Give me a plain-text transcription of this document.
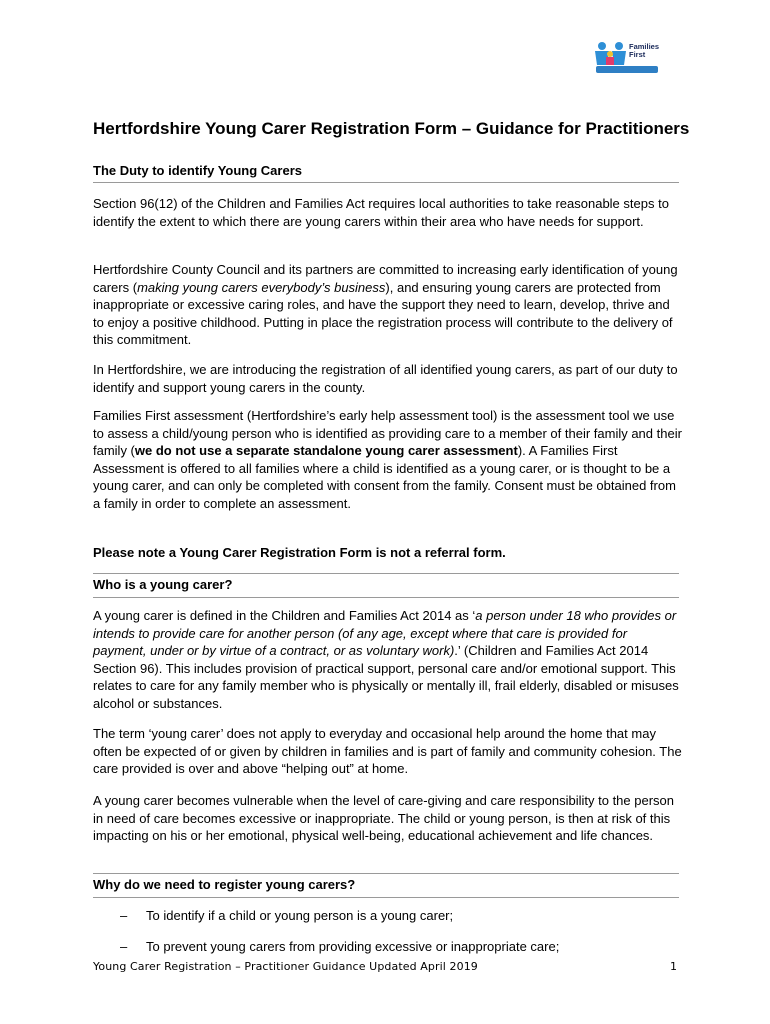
Families
First
Hertfordshire Young Carer Registration Form – Guidance for Practitioners
The Duty to identify Young Carers
Section 96(12) of the Children and Families Act requires local authorities to take reasonable steps to identify the extent to which there are young carers within their area who have needs for support.
Hertfordshire County Council and its partners are committed to increasing early identification of young carers (making young carers everybody’s business), and ensuring young carers are protected from inappropriate or excessive caring roles, and have the support they need to learn, develop, thrive and to enjoy a positive childhood. Putting in place the registration process will contribute to the delivery of this commitment.
In Hertfordshire, we are introducing the registration of all identified young carers, as part of our duty to identify and support young carers in the county.
Families First assessment (Hertfordshire’s early help assessment tool) is the assessment tool we use to assess a child/young person who is identified as providing care to a member of their family and their family (we do not use a separate standalone young carer assessment). A Families First Assessment is offered to all families where a child is identified as a young carer, or is thought to be a young carer, and can only be completed with consent from the family. Consent must be obtained from a family in order to complete an assessment.
Please note a Young Carer Registration Form is not a referral form.
Who is a young carer?
A young carer is defined in the Children and Families Act 2014 as ‘a person under 18 who provides or intends to provide care for another person (of any age, except where that care is provided for payment, under or by virtue of a contract, or as voluntary work).’ (Children and Families Act 2014 Section 96). This includes provision of practical support, personal care and/or emotional support. This relates to care for any family member who is physically or mentally ill, frail elderly, disabled or misuses alcohol or substances.
The term ‘young carer’ does not apply to everyday and occasional help around the home that may often be expected of or given by children in families and is part of family and community cohesion. The care provided is over and above “helping out” at home.
A young carer becomes vulnerable when the level of care-giving and care responsibility to the person in need of care becomes excessive or inappropriate. The child or young person, is then at risk of this impacting on his or her emotional, physical well-being, educational achievement and life chances.
Why do we need to register young carers?
– To identify if a child or young person is a young carer;
– To prevent young carers from providing excessive or inappropriate care;
Young Carer Registration – Practitioner Guidance Updated April 2019	1
